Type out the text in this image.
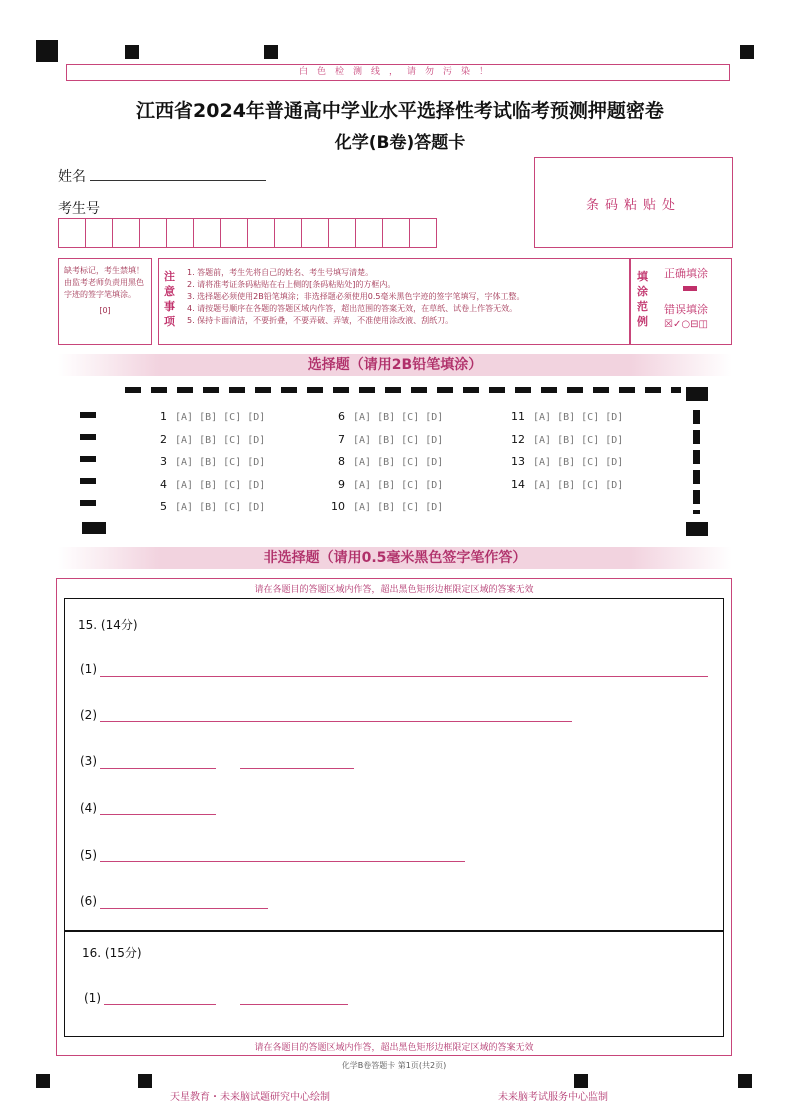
白色检测线，请勿污染！
江西省2024年普通高中学业水平选择性考试临考预测押题密卷
化学(B卷)答题卡
姓名
考生号	条码粘贴处
缺考标记，考生禁填！由监考老师负责用黑色字迹的签字笔填涂。
[0]
注意事项
1. 答题前，考生先将自己的姓名、考生号填写清楚。
2. 请将准考证条码粘贴在右上侧的[条码粘贴处]的方框内。
3. 选择题必须使用2B铅笔填涂；非选择题必须使用0.5毫米黑色字迹的签字笔填写，字体工整。
4. 请按题号顺序在各题的答题区域内作答，超出范围的答案无效，在草纸、试卷上作答无效。
5. 保持卡面清洁，不要折叠，不要弄破、弄皱，不准使用涂改液、刮纸刀。
填涂范例
正确填涂
错误填涂
☒✓○⊟◫
选择题（请用2B铅笔填涂）
1 [A] [B] [C] [D]
2 [A] [B] [C] [D]
3 [A] [B] [C] [D]
4 [A] [B] [C] [D]
5 [A] [B] [C] [D]
6 [A] [B] [C] [D]
7 [A] [B] [C] [D]
8 [A] [B] [C] [D]
9 [A] [B] [C] [D]
10 [A] [B] [C] [D]
11 [A] [B] [C] [D]
12 [A] [B] [C] [D]
13 [A] [B] [C] [D]
14 [A] [B] [C] [D]
非选择题（请用0.5毫米黑色签字笔作答）
请在各题目的答题区域内作答，超出黑色矩形边框限定区域的答案无效
15. (14分)
(1)
(2)
(3)
(4)
(5)
(6)
16. (15分)
(1)
请在各题目的答题区域内作答，超出黑色矩形边框限定区域的答案无效
化学B卷答题卡 第1页(共2页)
天星教育・未来脑试题研究中心绘制	未来脑考试服务中心监制
